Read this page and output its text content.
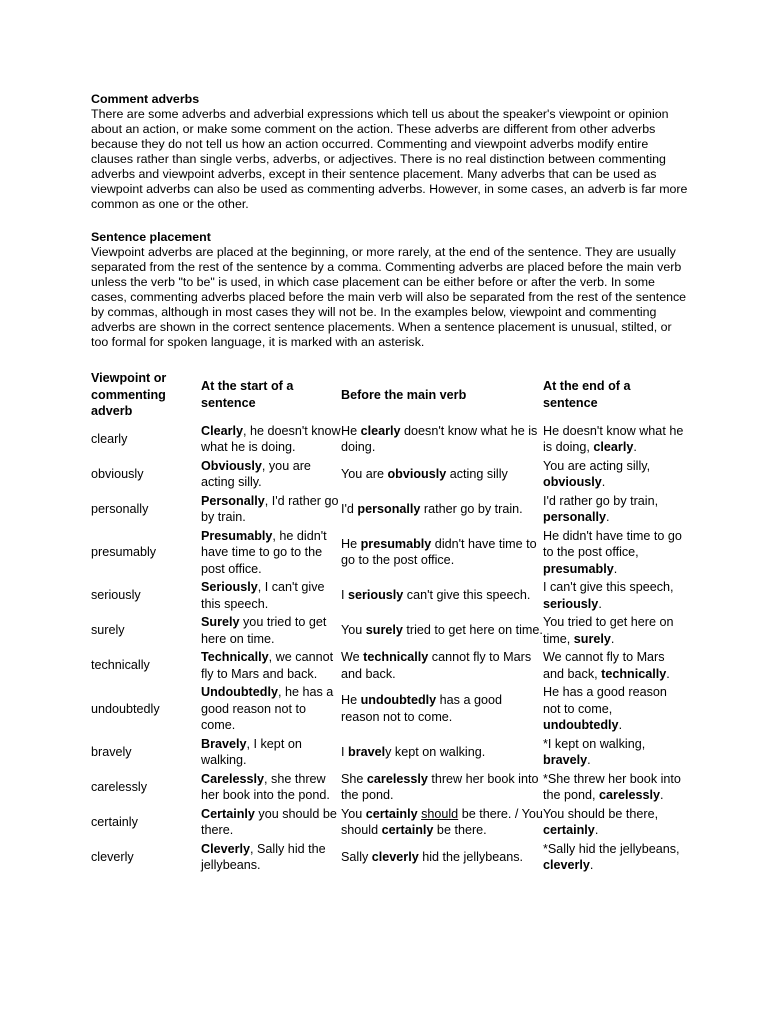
Comment adverbs

There are some adverbs and adverbial expressions which tell us about the speaker's viewpoint or opinion about an action, or make some comment on the action. These adverbs are different from other adverbs because they do not tell us how an action occurred. Commenting and viewpoint adverbs modify entire clauses rather than single verbs, adverbs, or adjectives. There is no real distinction between commenting adverbs and viewpoint adverbs, except in their sentence placement. Many adverbs that can be used as viewpoint adverbs can also be used as commenting adverbs. However, in some cases, an adverb is far more common as one or the other.

Sentence placement

Viewpoint adverbs are placed at the beginning, or more rarely, at the end of the sentence. They are usually separated from the rest of the sentence by a comma. Commenting adverbs are placed before the main verb unless the verb "to be" is used, in which case placement can be either before or after the verb. In some cases, commenting adverbs placed before the main verb will also be separated from the rest of the sentence by commas, although in most cases they will not be. In the examples below, viewpoint and commenting adverbs are shown in the correct sentence placements. When a sentence placement is unusual, stilted, or too formal for spoken language, it is marked with an asterisk.

Viewpoint or commenting adverb	At the start of a sentence	Before the main verb	At the end of a sentence
clearly	Clearly, he doesn't know what he is doing.	He clearly doesn't know what he is doing.	He doesn't know what he is doing, clearly.
obviously	Obviously, you are acting silly.	You are obviously acting silly	You are acting silly, obviously.
personally	Personally, I'd rather go by train.	I'd personally rather go by train.	I'd rather go by train, personally.
presumably	Presumably, he didn't have time to go to the post office.	He presumably didn't have time to go to the post office.	He didn't have time to go to the post office, presumably.
seriously	Seriously, I can't give this speech.	I seriously can't give this speech.	I can't give this speech, seriously.
surely	Surely you tried to get here on time.	You surely tried to get here on time.	You tried to get here on time, surely.
technically	Technically, we cannot fly to Mars and back.	We technically cannot fly to Mars and back.	We cannot fly to Mars and back, technically.
undoubtedly	Undoubtedly, he has a good reason not to come.	He undoubtedly has a good reason not to come.	He has a good reason not to come, undoubtedly.
bravely	Bravely, I kept on walking.	I bravely kept on walking.	*I kept on walking, bravely.
carelessly	Carelessly, she threw her book into the pond.	She carelessly threw her book into the pond.	*She threw her book into the pond, carelessly.
certainly	Certainly you should be there.	You certainly should be there. / You should certainly be there.	You should be there, certainly.
cleverly	Cleverly, Sally hid the jellybeans.	Sally cleverly hid the jellybeans.	*Sally hid the jellybeans, cleverly.
